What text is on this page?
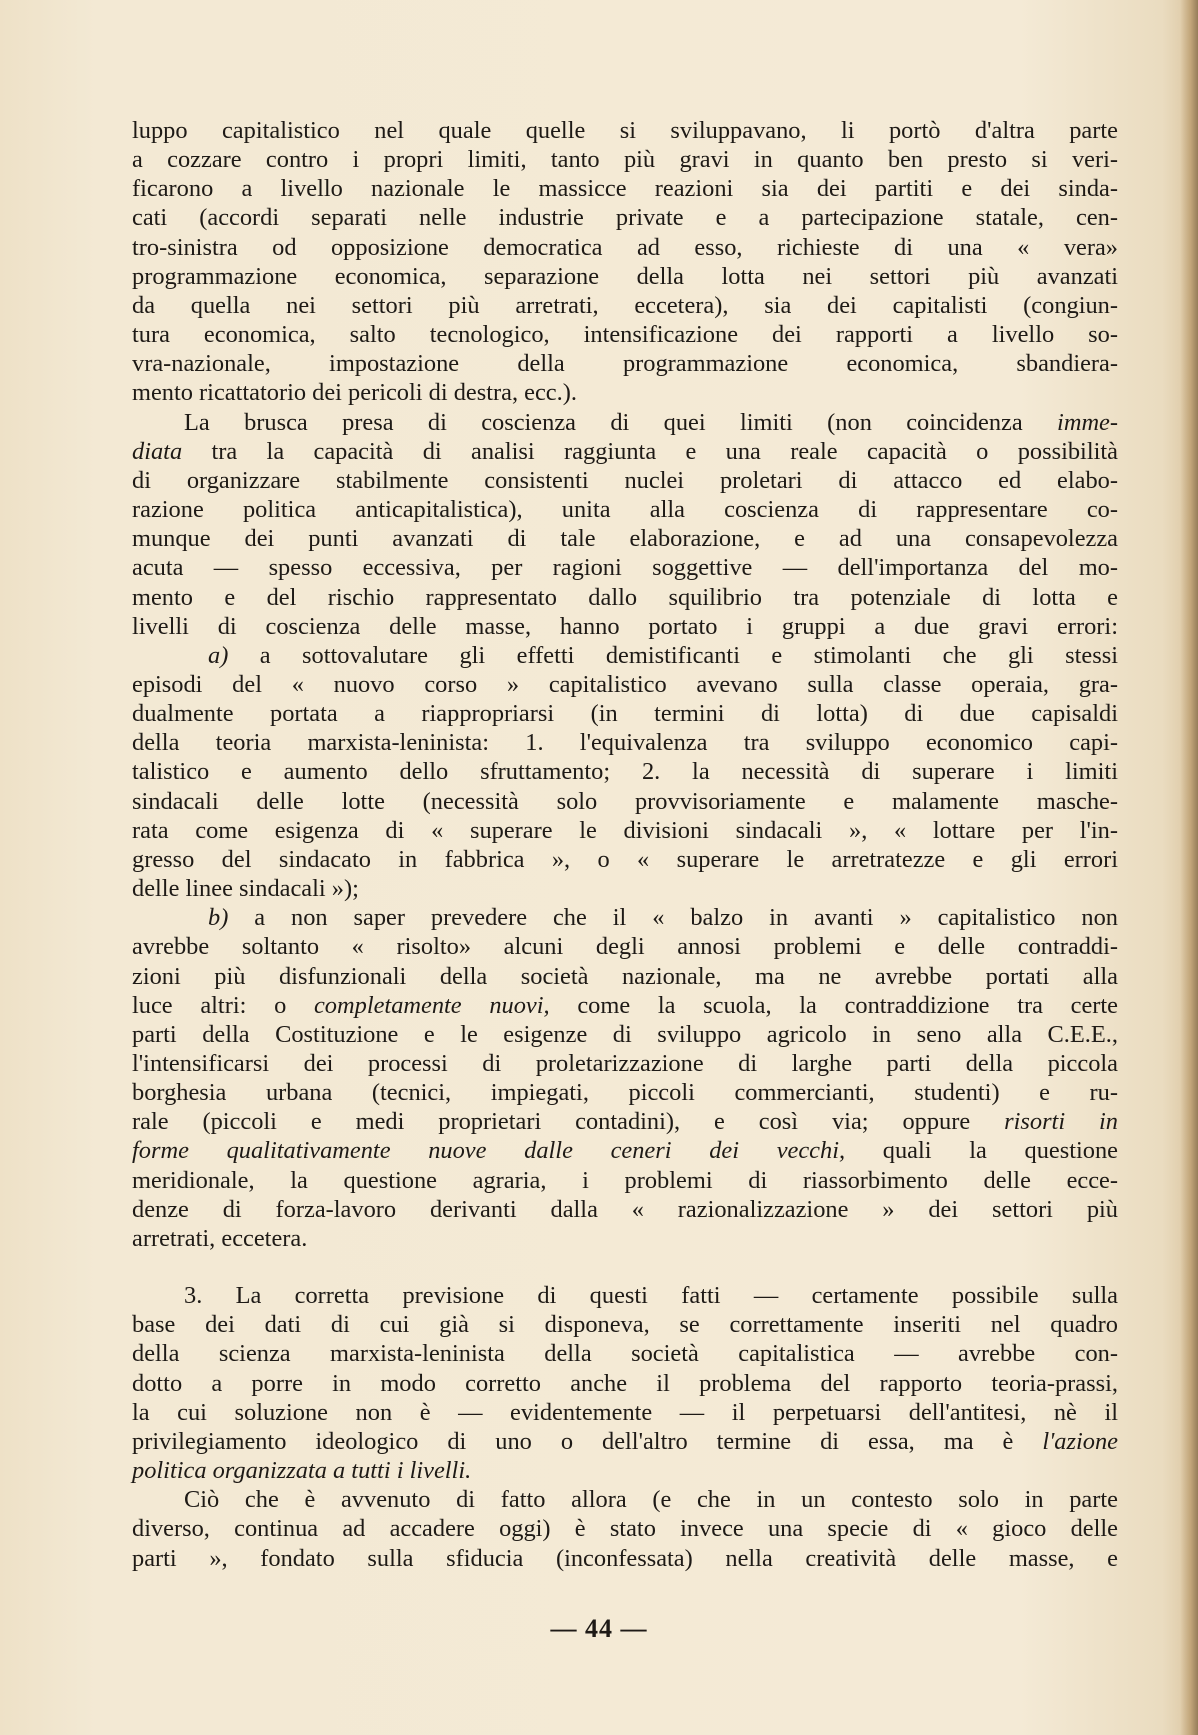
luppo capitalistico nel quale quelle si sviluppavano, li portò d'altra parte
a cozzare contro i propri limiti, tanto più gravi in quanto ben presto si veri-
ficarono a livello nazionale le massicce reazioni sia dei partiti e dei sinda-
cati (accordi separati nelle industrie private e a partecipazione statale, cen-
tro-sinistra od opposizione democratica ad esso, richieste di una « vera»
programmazione economica, separazione della lotta nei settori più avanzati
da quella nei settori più arretrati, eccetera), sia dei capitalisti (congiun-
tura economica, salto tecnologico, intensificazione dei rapporti a livello so-
vra-nazionale, impostazione della programmazione economica, sbandiera-
mento ricattatorio dei pericoli di destra, ecc.).
La brusca presa di coscienza di quei limiti (non coincidenza imme-
diata tra la capacità di analisi raggiunta e una reale capacità o possibilità
di organizzare stabilmente consistenti nuclei proletari di attacco ed elabo-
razione politica anticapitalistica), unita alla coscienza di rappresentare co-
munque dei punti avanzati di tale elaborazione, e ad una consapevolezza
acuta — spesso eccessiva, per ragioni soggettive — dell'importanza del mo-
mento e del rischio rappresentato dallo squilibrio tra potenziale di lotta e
livelli di coscienza delle masse, hanno portato i gruppi a due gravi errori:
a) a sottovalutare gli effetti demistificanti e stimolanti che gli stessi
episodi del « nuovo corso » capitalistico avevano sulla classe operaia, gra-
dualmente portata a riappropriarsi (in termini di lotta) di due capisaldi
della teoria marxista-leninista: 1. l'equivalenza tra sviluppo economico capi-
talistico e aumento dello sfruttamento; 2. la necessità di superare i limiti
sindacali delle lotte (necessità solo provvisoriamente e malamente masche-
rata come esigenza di « superare le divisioni sindacali », « lottare per l'in-
gresso del sindacato in fabbrica », o « superare le arretratezze e gli errori
delle linee sindacali »);
b) a non saper prevedere che il « balzo in avanti » capitalistico non
avrebbe soltanto « risolto» alcuni degli annosi problemi e delle contraddi-
zioni più disfunzionali della società nazionale, ma ne avrebbe portati alla
luce altri: o completamente nuovi, come la scuola, la contraddizione tra certe
parti della Costituzione e le esigenze di sviluppo agricolo in seno alla C.E.E.,
l'intensificarsi dei processi di proletarizzazione di larghe parti della piccola
borghesia urbana (tecnici, impiegati, piccoli commercianti, studenti) e ru-
rale (piccoli e medi proprietari contadini), e così via; oppure risorti in
forme qualitativamente nuove dalle ceneri dei vecchi, quali la questione
meridionale, la questione agraria, i problemi di riassorbimento delle ecce-
denze di forza-lavoro derivanti dalla « razionalizzazione » dei settori più
arretrati, eccetera.
3. La corretta previsione di questi fatti — certamente possibile sulla
base dei dati di cui già si disponeva, se correttamente inseriti nel quadro
della scienza marxista-leninista della società capitalistica — avrebbe con-
dotto a porre in modo corretto anche il problema del rapporto teoria-prassi,
la cui soluzione non è — evidentemente — il perpetuarsi dell'antitesi, nè il
privilegiamento ideologico di uno o dell'altro termine di essa, ma è l'azione
politica organizzata a tutti i livelli.
Ciò che è avvenuto di fatto allora (e che in un contesto solo in parte
diverso, continua ad accadere oggi) è stato invece una specie di « gioco delle
parti », fondato sulla sfiducia (inconfessata) nella creatività delle masse, e
— 44 —
